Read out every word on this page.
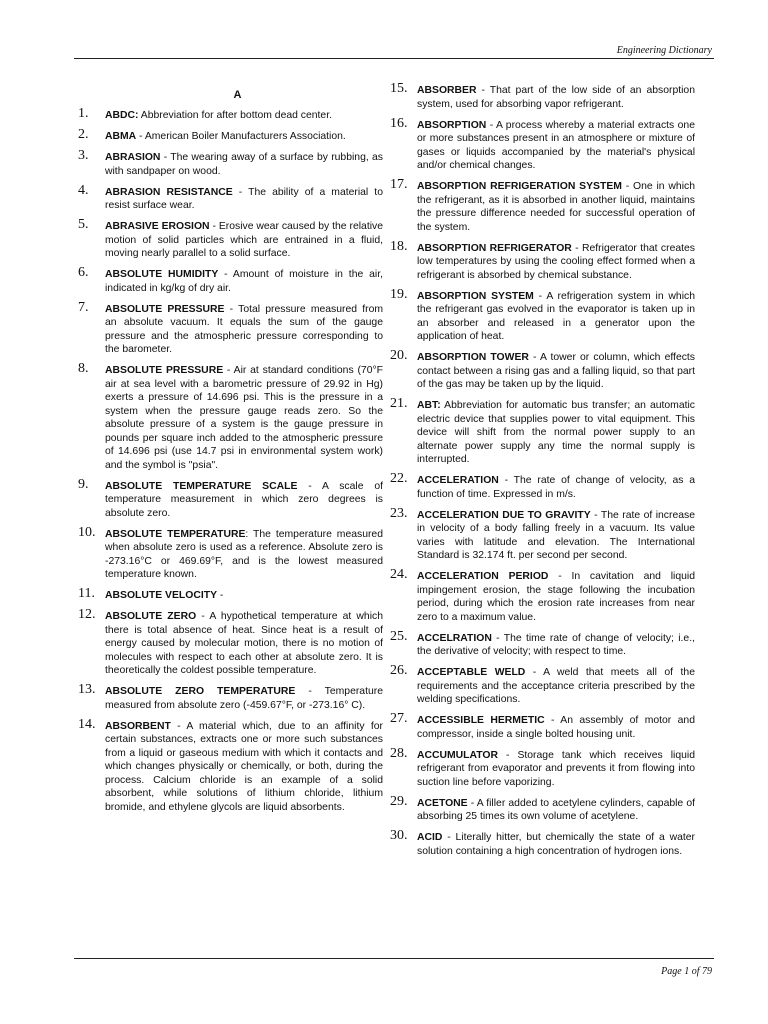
Engineering Dictionary
A
1.	ABDC: Abbreviation for after bottom dead center.
2.	ABMA - American Boiler Manufacturers Association.
3.	ABRASION - The wearing away of a surface by rubbing, as with sandpaper on wood.
4.	ABRASION RESISTANCE - The ability of a material to resist surface wear.
5.	ABRASIVE EROSION - Erosive wear caused by the relative motion of solid particles which are entrained in a fluid, moving nearly parallel to a solid surface.
6.	ABSOLUTE HUMIDITY - Amount of moisture in the air, indicated in kg/kg of dry air.
7.	ABSOLUTE PRESSURE - Total pressure measured from an absolute vacuum. It equals the sum of the gauge pressure and the atmospheric pressure corresponding to the barometer.
8.	ABSOLUTE PRESSURE - Air at standard conditions (70°F air at sea level with a barometric pressure of 29.92 in Hg) exerts a pressure of 14.696 psi. This is the pressure in a system when the pressure gauge reads zero. So the absolute pressure of a system is the gauge pressure in pounds per square inch added to the atmospheric pressure of 14.696 psi (use 14.7 psi in environmental system work) and the symbol is "psia".
9.	ABSOLUTE TEMPERATURE SCALE - A scale of temperature measurement in which zero degrees is absolute zero.
10. ABSOLUTE TEMPERATURE: The temperature measured when absolute zero is used as a reference. Absolute zero is -273.16°C or 469.69°F, and is the lowest measured temperature known.
11. ABSOLUTE VELOCITY -
12. ABSOLUTE ZERO - A hypothetical temperature at which there is total absence of heat. Since heat is a result of energy caused by molecular motion, there is no motion of molecules with respect to each other at absolute zero. It is theoretically the coldest possible temperature.
13. ABSOLUTE ZERO TEMPERATURE - Temperature measured from absolute zero (-459.67°F, or -273.16° C).
14. ABSORBENT - A material which, due to an affinity for certain substances, extracts one or more such substances from a liquid or gaseous medium with which it contacts and which changes physically or chemically, or both, during the process. Calcium chloride is an example of a solid absorbent, while solutions of lithium chloride, lithium bromide, and ethylene glycols are liquid absorbents.
15. ABSORBER - That part of the low side of an absorption system, used for absorbing vapor refrigerant.
16. ABSORPTION - A process whereby a material extracts one or more substances present in an atmosphere or mixture of gases or liquids accompanied by the material's physical and/or chemical changes.
17. ABSORPTION REFRIGERATION SYSTEM - One in which the refrigerant, as it is absorbed in another liquid, maintains the pressure difference needed for successful operation of the system.
18. ABSORPTION REFRIGERATOR - Refrigerator that creates low temperatures by using the cooling effect formed when a refrigerant is absorbed by chemical substance.
19. ABSORPTION SYSTEM - A refrigeration system in which the refrigerant gas evolved in the evaporator is taken up in an absorber and released in a generator upon the application of heat.
20. ABSORPTION TOWER - A tower or column, which effects contact between a rising gas and a falling liquid, so that part of the gas may be taken up by the liquid.
21. ABT: Abbreviation for automatic bus transfer; an automatic electric device that supplies power to vital equipment. This device will shift from the normal power supply to an alternate power supply any time the normal supply is interrupted.
22. ACCELERATION - The rate of change of velocity, as a function of time. Expressed in m/s.
23. ACCELERATION DUE TO GRAVITY - The rate of increase in velocity of a body falling freely in a vacuum. Its value varies with latitude and elevation. The International Standard is 32.174 ft. per second per second.
24. ACCELERATION PERIOD - In cavitation and liquid impingement erosion, the stage following the incubation period, during which the erosion rate increases from near zero to a maximum value.
25. ACCELRATION - The time rate of change of velocity; i.e., the derivative of velocity; with respect to time.
26. ACCEPTABLE WELD - A weld that meets all of the requirements and the acceptance criteria prescribed by the welding specifications.
27. ACCESSIBLE HERMETIC - An assembly of motor and compressor, inside a single bolted housing unit.
28. ACCUMULATOR - Storage tank which receives liquid refrigerant from evaporator and prevents it from flowing into suction line before vaporizing.
29. ACETONE - A filler added to acetylene cylinders, capable of absorbing 25 times its own volume of acetylene.
30. ACID - Literally hitter, but chemically the state of a water solution containing a high concentration of hydrogen ions.
Page 1 of 79
